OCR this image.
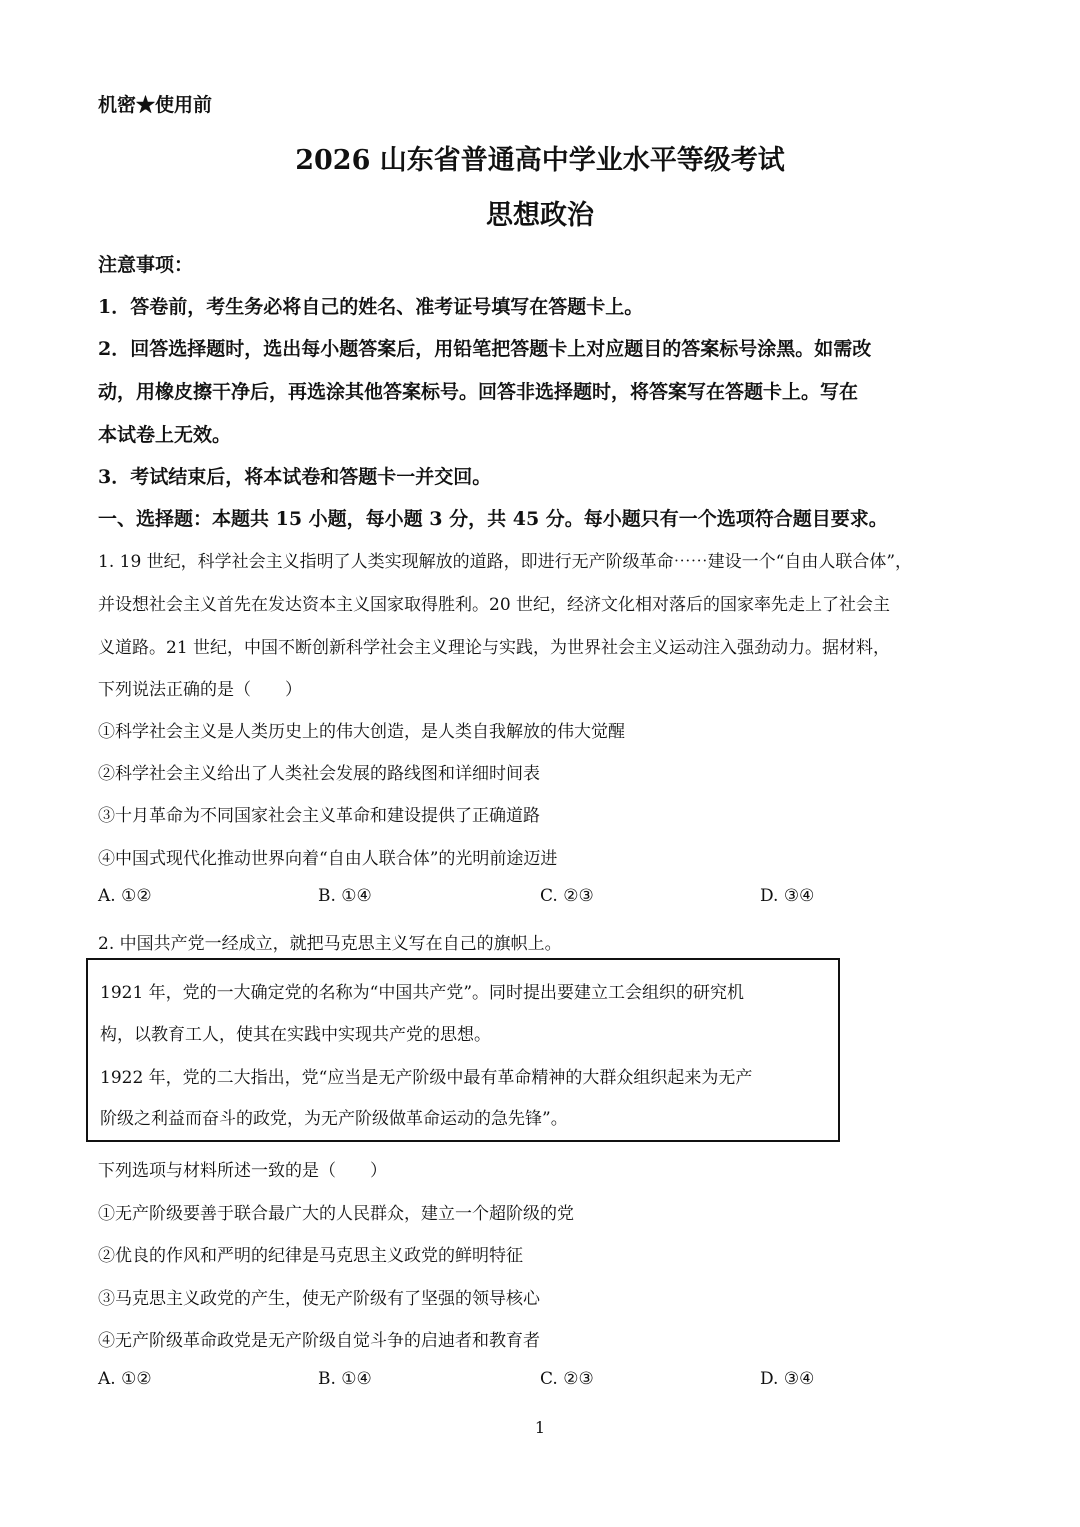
机密★使用前
2026 山东省普通高中学业水平等级考试
思想政治
注意事项：
1．答卷前，考生务必将自己的姓名、准考证号填写在答题卡上。
2．回答选择题时，选出每小题答案后，用铅笔把答题卡上对应题目的答案标号涂黑。如需改
动，用橡皮擦干净后，再选涂其他答案标号。回答非选择题时，将答案写在答题卡上。写在
本试卷上无效。
3．考试结束后，将本试卷和答题卡一并交回。
一、选择题：本题共 15 小题，每小题 3 分，共 45 分。每小题只有一个选项符合题目要求。
1. 19 世纪，科学社会主义指明了人类实现解放的道路，即进行无产阶级革命⋯⋯建设一个“自由人联合体”，
并设想社会主义首先在发达资本主义国家取得胜利。20 世纪，经济文化相对落后的国家率先走上了社会主
义道路。21 世纪，中国不断创新科学社会主义理论与实践，为世界社会主义运动注入强劲动力。据材料，
下列说法正确的是（　　）
①科学社会主义是人类历史上的伟大创造，是人类自我解放的伟大觉醒
②科学社会主义给出了人类社会发展的路线图和详细时间表
③十月革命为不同国家社会主义革命和建设提供了正确道路
④中国式现代化推动世界向着“自由人联合体”的光明前途迈进
A. ①②	B. ①④	C. ②③	D. ③④
2. 中国共产党一经成立，就把马克思主义写在自己的旗帜上。
1921 年，党的一大确定党的名称为“中国共产党”。同时提出要建立工会组织的研究机
构，以教育工人，使其在实践中实现共产党的思想。
1922 年，党的二大指出，党“应当是无产阶级中最有革命精神的大群众组织起来为无产
阶级之利益而奋斗的政党，为无产阶级做革命运动的急先锋”。
下列选项与材料所述一致的是（　　）
①无产阶级要善于联合最广大的人民群众，建立一个超阶级的党
②优良的作风和严明的纪律是马克思主义政党的鲜明特征
③马克思主义政党的产生，使无产阶级有了坚强的领导核心
④无产阶级革命政党是无产阶级自觉斗争的启迪者和教育者
A. ①②	B. ①④	C. ②③	D. ③④
1
